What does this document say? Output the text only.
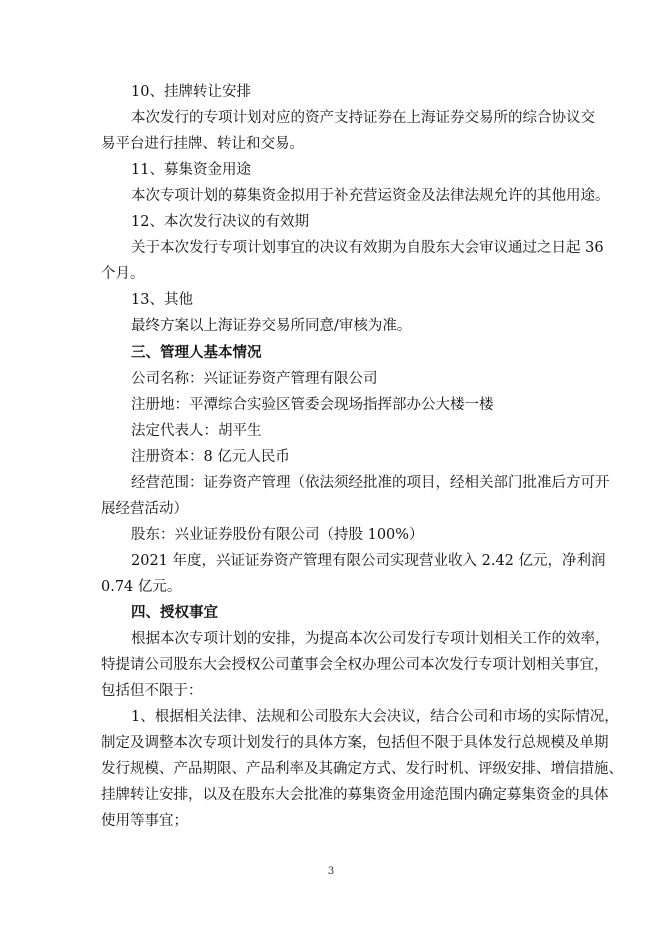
10、挂牌转让安排
本次发行的专项计划对应的资产支持证券在上海证券交易所的综合协议交
易平台进行挂牌、转让和交易。
11、募集资金用途
本次专项计划的募集资金拟用于补充营运资金及法律法规允许的其他用途。
12、本次发行决议的有效期
关于本次发行专项计划事宜的决议有效期为自股东大会审议通过之日起 36
个月。
13、其他
最终方案以上海证券交易所同意/审核为准。
三、管理人基本情况
公司名称：兴证证券资产管理有限公司
注册地：平潭综合实验区管委会现场指挥部办公大楼一楼
法定代表人：胡平生
注册资本：8 亿元人民币
经营范围：证券资产管理（依法须经批准的项目，经相关部门批准后方可开
展经营活动）
股东：兴业证券股份有限公司（持股 100%）
2021 年度，兴证证券资产管理有限公司实现营业收入 2.42 亿元，净利润
0.74 亿元。
四、授权事宜
根据本次专项计划的安排，为提高本次公司发行专项计划相关工作的效率，
特提请公司股东大会授权公司董事会全权办理公司本次发行专项计划相关事宜，
包括但不限于：
1、根据相关法律、法规和公司股东大会决议，结合公司和市场的实际情况，
制定及调整本次专项计划发行的具体方案，包括但不限于具体发行总规模及单期
发行规模、产品期限、产品利率及其确定方式、发行时机、评级安排、增信措施、
挂牌转让安排，以及在股东大会批准的募集资金用途范围内确定募集资金的具体
使用等事宜；
3
